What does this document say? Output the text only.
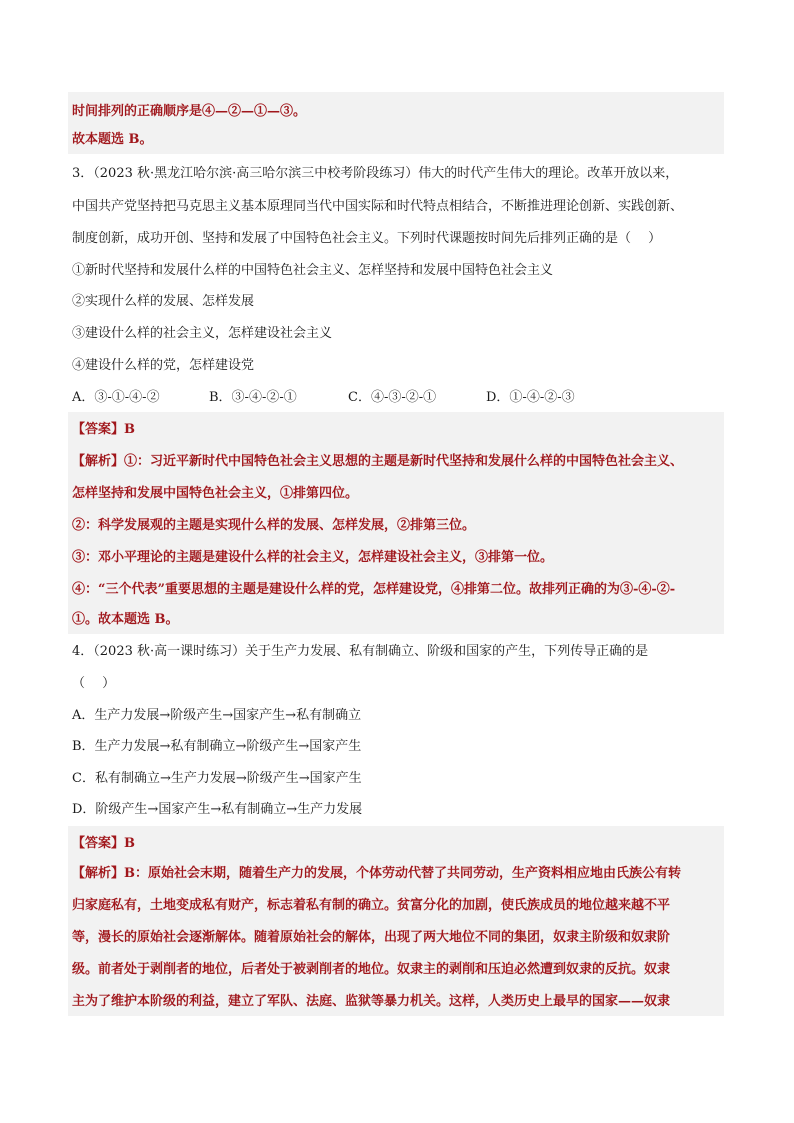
时间排列的正确顺序是④—②—①—③。
故本题选 B。
3．（2023 秋·黑龙江哈尔滨·高三哈尔滨三中校考阶段练习）伟大的时代产生伟大的理论。改革开放以来，
中国共产党坚持把马克思主义基本原理同当代中国实际和时代特点相结合，不断推进理论创新、实践创新、
制度创新，成功开创、坚持和发展了中国特色社会主义。下列时代课题按时间先后排列正确的是（　 ）
①新时代坚持和发展什么样的中国特色社会主义、怎样坚持和发展中国特色社会主义
②实现什么样的发展、怎样发展
③建设什么样的社会主义，怎样建设社会主义
④建设什么样的党，怎样建设党
A．③-①-④-②	B．③-④-②-①	C．④-③-②-①	D．①-④-②-③
【答案】B
【解析】①：习近平新时代中国特色社会主义思想的主题是新时代坚持和发展什么样的中国特色社会主义、
怎样坚持和发展中国特色社会主义，①排第四位。
②：科学发展观的主题是实现什么样的发展、怎样发展，②排第三位。
③：邓小平理论的主题是建设什么样的社会主义，怎样建设社会主义，③排第一位。
④：“三个代表”重要思想的主题是建设什么样的党，怎样建设党，④排第二位。故排列正确的为③-④-②-
①。故本题选 B。
4．（2023 秋·高一课时练习）关于生产力发展、私有制确立、阶级和国家的产生，下列传导正确的是
（　 ）
A．生产力发展→阶级产生→国家产生→私有制确立
B．生产力发展→私有制确立→阶级产生→国家产生
C．私有制确立→生产力发展→阶级产生→国家产生
D．阶级产生→国家产生→私有制确立→生产力发展
【答案】B
【解析】B：原始社会末期，随着生产力的发展，个体劳动代替了共同劳动，生产资料相应地由氏族公有转
归家庭私有，土地变成私有财产，标志着私有制的确立。贫富分化的加剧，使氏族成员的地位越来越不平
等，漫长的原始社会逐渐解体。随着原始社会的解体，出现了两大地位不同的集团，奴隶主阶级和奴隶阶
级。前者处于剥削者的地位，后者处于被剥削者的地位。奴隶主的剥削和压迫必然遭到奴隶的反抗。奴隶
主为了维护本阶级的利益，建立了军队、法庭、监狱等暴力机关。这样，人类历史上最早的国家——奴隶
